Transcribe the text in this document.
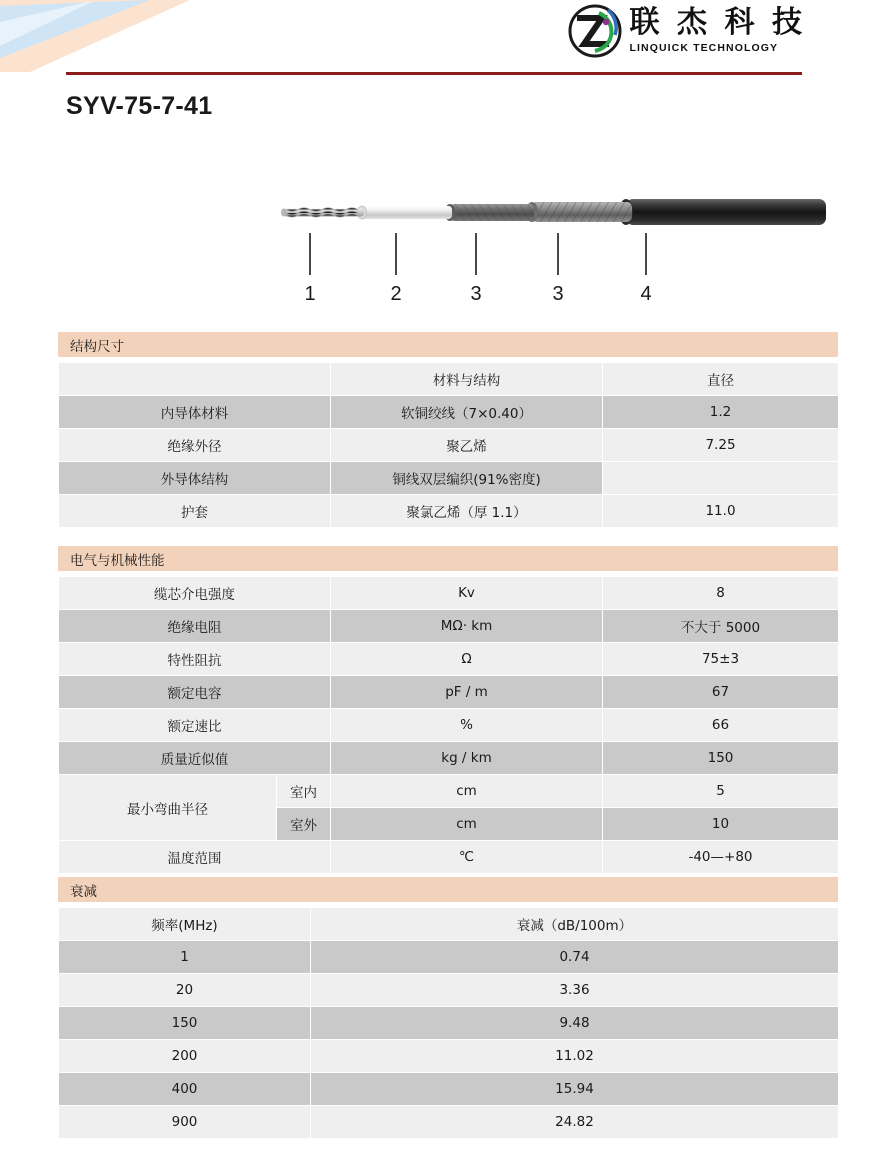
联 杰 科 技
LINQUICK TECHNOLOGY
SYV-75-7-41
1	2	3	3	4
结构尺寸
	材料与结构	直径
内导体材料	软铜绞线（7×0.40）	1.2
绝缘外径	聚乙烯	7.25
外导体结构	铜线双层编织(91%密度)	
护套	聚氯乙烯（厚 1.1）	11.0
电气与机械性能
缆芯介电强度		Kv	8
绝缘电阻		MΩ· km	不大于 5000
特性阻抗		Ω	75±3
额定电容		pF / m	67
额定速比		%	66
质量近似值		kg / km	150
最小弯曲半径	室内	cm	5
	室外	cm	10
温度范围		℃	-40—+80
衰减
频率(MHz)	衰减（dB/100m）
1	0.74
20	3.36
150	9.48
200	11.02
400	15.94
900	24.82
